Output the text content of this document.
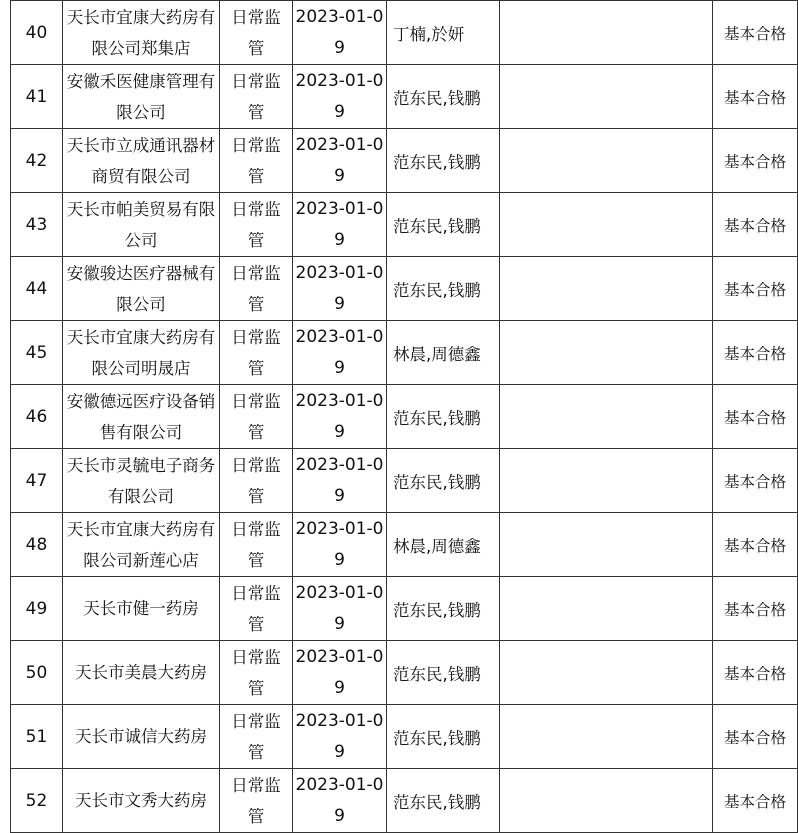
40	天长市宜康大药房有限公司郑集店	日常监管	2023-01-09	丁楠,於妍		基本合格
41	安徽禾医健康管理有限公司	日常监管	2023-01-09	范东民,钱鹏		基本合格
42	天长市立成通讯器材商贸有限公司	日常监管	2023-01-09	范东民,钱鹏		基本合格
43	天长市帕美贸易有限公司	日常监管	2023-01-09	范东民,钱鹏		基本合格
44	安徽骏达医疗器械有限公司	日常监管	2023-01-09	范东民,钱鹏		基本合格
45	天长市宜康大药房有限公司明晟店	日常监管	2023-01-09	林晨,周德鑫		基本合格
46	安徽德远医疗设备销售有限公司	日常监管	2023-01-09	范东民,钱鹏		基本合格
47	天长市灵毓电子商务有限公司	日常监管	2023-01-09	范东民,钱鹏		基本合格
48	天长市宜康大药房有限公司新莲心店	日常监管	2023-01-09	林晨,周德鑫		基本合格
49	天长市健一药房	日常监管	2023-01-09	范东民,钱鹏		基本合格
50	天长市美晨大药房	日常监管	2023-01-09	范东民,钱鹏		基本合格
51	天长市诚信大药房	日常监管	2023-01-09	范东民,钱鹏		基本合格
52	天长市文秀大药房	日常监管	2023-01-09	范东民,钱鹏		基本合格
